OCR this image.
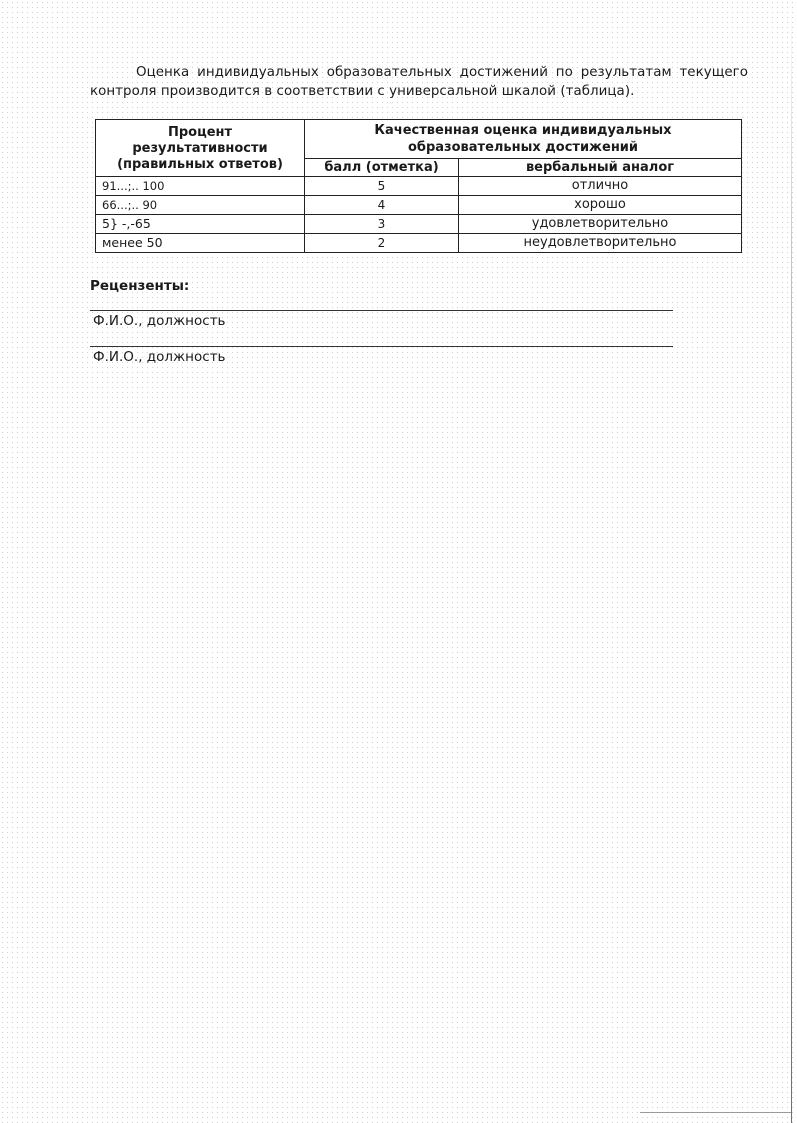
Оценка индивидуальных образовательных достижений по результатам текущего контроля производится в соответствии с универсальной шкалой (таблица).

Процент результативности (правильных ответов)	Качественная оценка индивидуальных образовательных достижений	
	балл (отметка)	вербальный аналог
91...;.. 100	5	отлично
66...;.. 90	4	хорошо
5} -,-65	3	удовлетворительно
менее 50	2	неудовлетворительно

Рецензенты:

Ф.И.О., должность
Ф.И.О., должность
